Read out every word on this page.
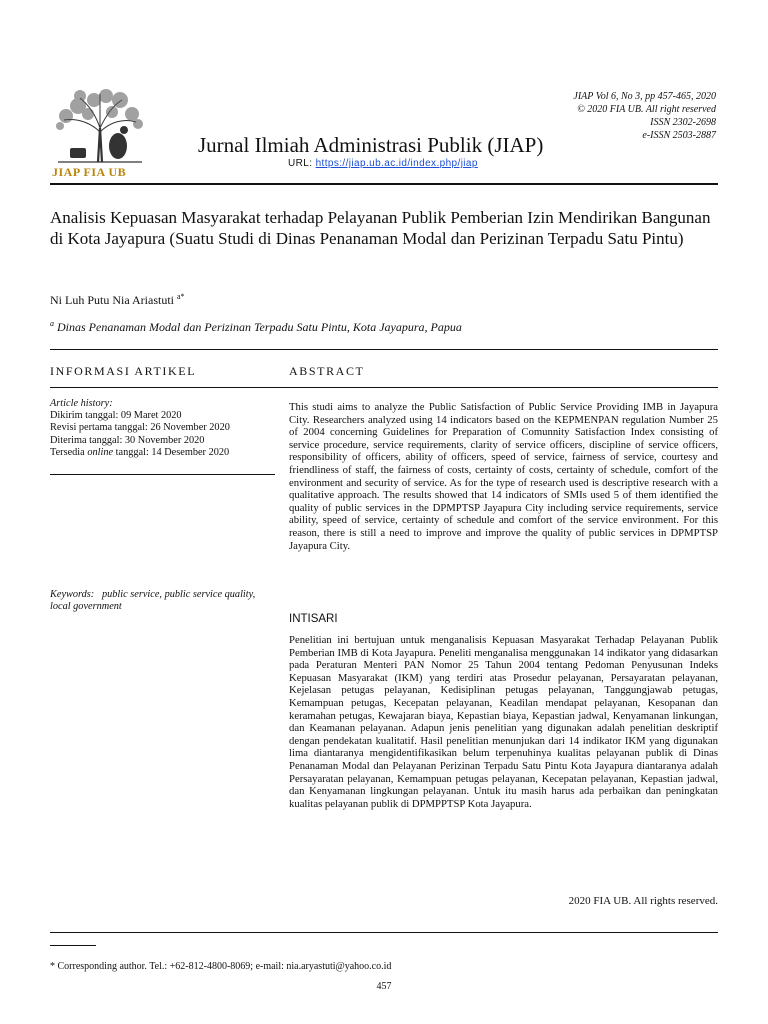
JIAP FIA UB
JIAP Vol 6, No 3, pp 457-465, 2020
© 2020 FIA UB. All right reserved
ISSN 2302-2698
e-ISSN 2503-2887
Jurnal Ilmiah Administrasi Publik (JIAP)
URL: https://jiap.ub.ac.id/index.php/jiap
Analisis Kepuasan Masyarakat terhadap Pelayanan Publik Pemberian Izin Mendirikan Bangunan di Kota Jayapura (Suatu Studi di Dinas Penanaman Modal dan Perizinan Terpadu Satu Pintu)
Ni Luh Putu Nia Ariastuti $^{a*}$
$^a$ Dinas Penanaman Modal dan Perizinan Terpadu Satu Pintu, Kota Jayapura, Papua
INFORMASI ARTIKEL
Article history:
Dikirim tanggal: 09 Maret 2020
Revisi pertama tanggal: 26 November 2020
Diterima tanggal: 30 November 2020
Tersedia online tanggal: 14 Desember 2020
Keywords: public service, public service quality, local government
ABSTRACT
This studi aims to analyze the Public Satisfaction of Public Service Providing IMB in Jayapura City. Researchers analyzed using 14 indicators based on the KEPMENPAN regulation Number 25 of 2004 concerning Guidelines for Preparation of Comunnity Satisfaction Index consisting of service procedure, service requirements, clarity of service officers, discipline of service officers, responsibility of officers, ability of officers, speed of service, fairness of service, courtesy and friendliness of staff, the fairness of costs, certainty of costs, certainty of schedule, comfort of the environment and security of service. As for the type of research used is descriptive research with a qualitative approach. The results showed that 14 indicators of SMIs used 5 of them identified the quality of public services in the DPMPTSP Jayapura City including service requirements, service ability, speed of service, certainty of schedule and comfort of the service environment. For this reason, there is still a need to improve and improve the quality of public services in DPMPTSP Jayapura City.
INTISARI
Penelitian ini bertujuan untuk menganalisis Kepuasan Masyarakat Terhadap Pelayanan Publik Pemberian IMB di Kota Jayapura. Peneliti menganalisa menggunakan 14 indikator yang didasarkan pada Peraturan Menteri PAN Nomor 25 Tahun 2004 tentang Pedoman Penyusunan Indeks Kepuasan Masyarakat (IKM) yang terdiri atas Prosedur pelayanan, Persayaratan pelayanan, Kejelasan petugas pelayanan, Kedisiplinan petugas pelayanan, Tanggungjawab petugas, Kemampuan petugas, Kecepatan pelayanan, Keadilan mendapat pelayanan, Kesopanan dan keramahan petugas, Kewajaran biaya, Kepastian biaya, Kepastian jadwal, Kenyamanan linkungan, dan Keamanan pelayanan. Adapun jenis penelitian yang digunakan adalah penelitian deskriptif dengan pendekatan kualitatif. Hasil penelitian menunjukan dari 14 indikator IKM yang digunakan lima diantaranya mengidentifikasikan belum terpenuhinya kualitas pelayanan publik di Dinas Penanaman Modal dan Pelayanan Perizinan Terpadu Satu Pintu Kota Jayapura diantaranya adalah Persayaratan pelayanan, Kemampuan petugas pelayanan, Kecepatan pelayanan, Kepastian jadwal, dan Kenyamanan lingkungan pelayanan. Untuk itu masih harus ada perbaikan dan peningkatan kualitas pelayanan publik di DPMPPTSP Kota Jayapura.
2020 FIA UB. All rights reserved.
* Corresponding author. Tel.: +62-812-4800-8069; e-mail: nia.aryastuti@yahoo.co.id
457
